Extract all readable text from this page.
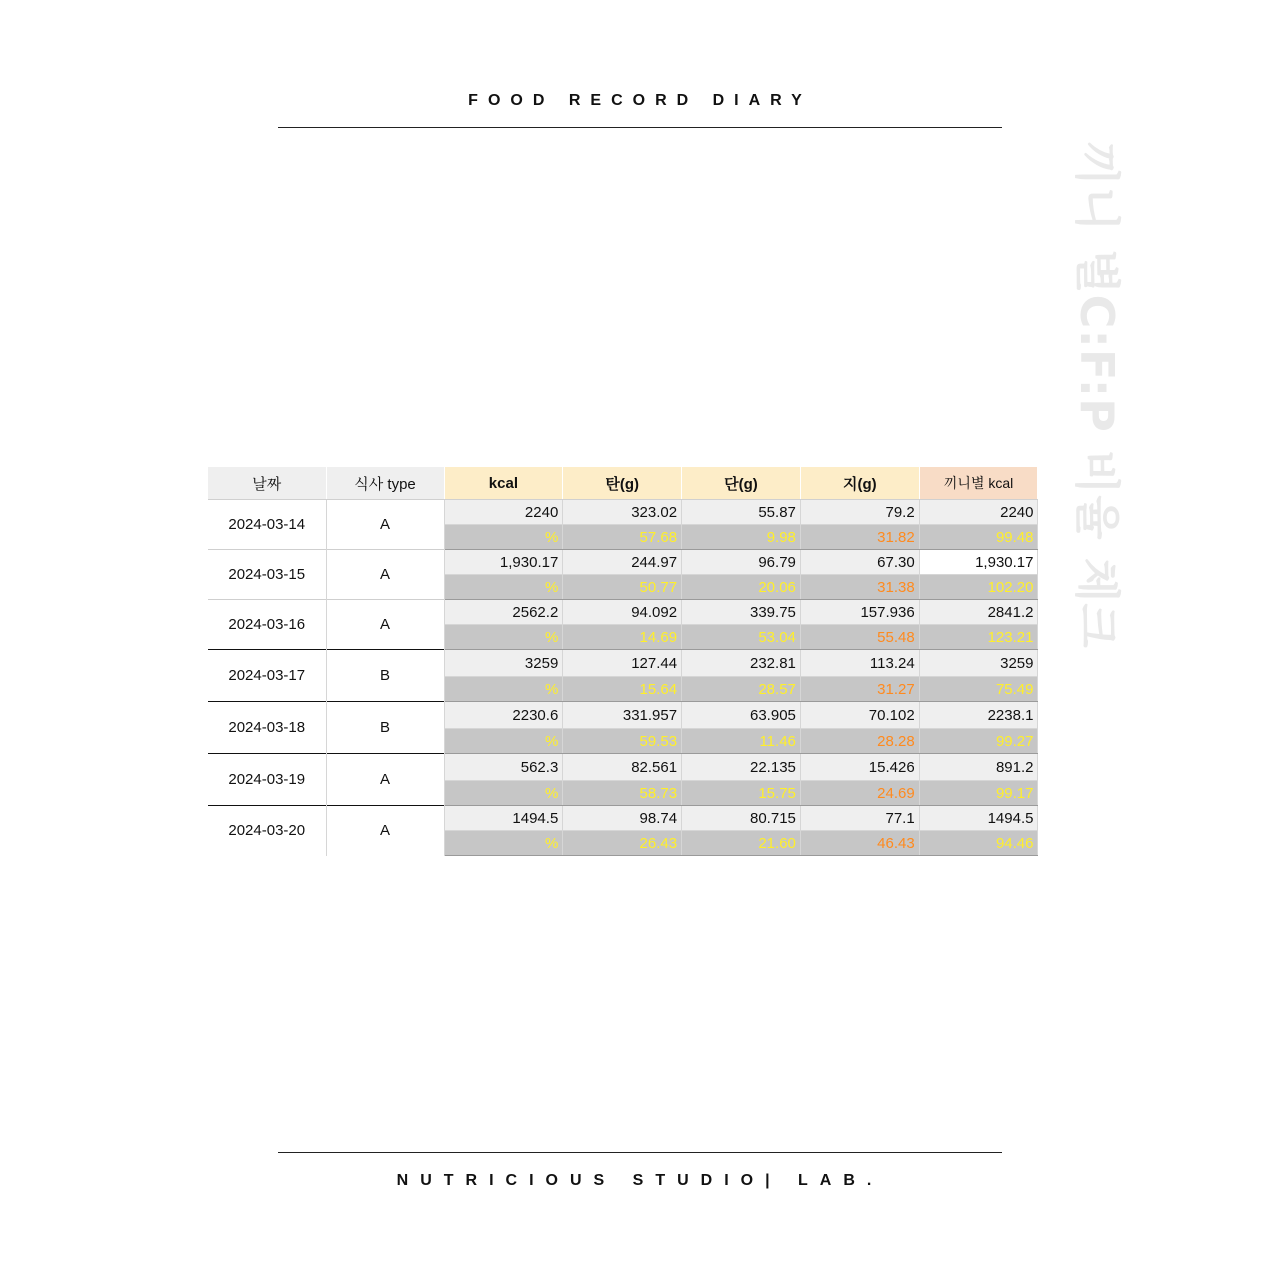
FOOD RECORD DIARY
끼니 별C:F:P 비율 체크
날짜	식사 type	kcal	탄(g)	단(g)	지(g)	끼니별 kcal
2024-03-14	A	2240	323.02	55.87	79.2	2240
		%	57.68	9.98	31.82	99.48
2024-03-15	A	1,930.17	244.97	96.79	67.30	1,930.17
		%	50.77	20.06	31.38	102.20
2024-03-16	A	2562.2	94.092	339.75	157.936	2841.2
		%	14.69	53.04	55.48	123.21
2024-03-17	B	3259	127.44	232.81	113.24	3259
		%	15.64	28.57	31.27	75.49
2024-03-18	B	2230.6	331.957	63.905	70.102	2238.1
		%	59.53	11.46	28.28	99.27
2024-03-19	A	562.3	82.561	22.135	15.426	891.2
		%	58.73	15.75	24.69	99.17
2024-03-20	A	1494.5	98.74	80.715	77.1	1494.5
		%	26.43	21.60	46.43	94.46
NUTRICIOUS STUDIO| LAB.
